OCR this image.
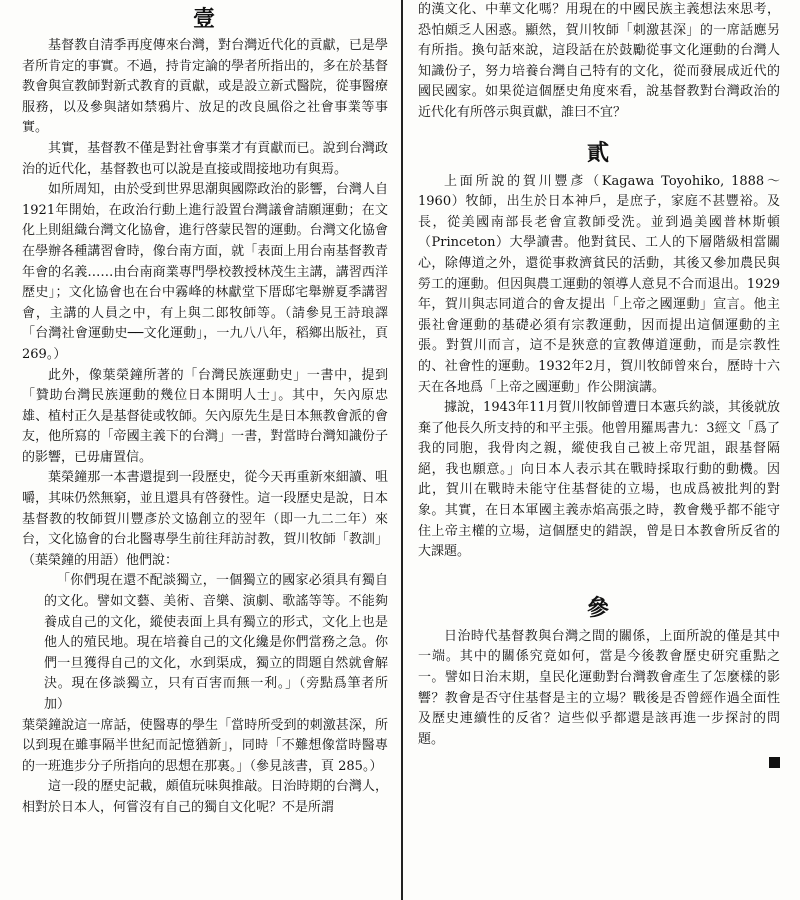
壹

基督教自清季再度傳來台灣，對台灣近代化的貢獻，已是學者所肯定的事實。不過，持肯定論的學者所指出的，多在於基督教會與宣教師對新式教育的貢獻，或是設立新式醫院，從事醫療服務，以及參與諸如禁鴉片、放足的改良風俗之社會事業等事實。

其實，基督教不僅是對社會事業才有貢獻而已。說到台灣政治的近代化，基督教也可以說是直接或間接地功有與焉。

如所周知，由於受到世界思潮與國際政治的影響，台灣人自1921年開始，在政治行動上進行設置台灣議會請願運動；在文化上則組織台灣文化協會，進行啓蒙民智的運動。台灣文化協會在學辦各種講習會時，像台南方面，就「表面上用台南基督教青年會的名義……由台南商業專門學校教授林茂生主講，講習西洋歷史」；文化協會也在台中霧峰的林獻堂下厝邸宅舉辦夏季講習會，主講的人員之中，有上與二郎牧師等。（請參見王詩琅譯「台灣社會運動史──文化運動」，一九八八年，稻鄉出版社，頁 269。）

此外，像葉榮鐘所著的「台灣民族運動史」一書中，提到「贊助台灣民族運動的幾位日本開明人士」。其中，矢內原忠雄、植村正久是基督徒或牧師。矢內原先生是日本無教會派的會友，他所寫的「帝國主義下的台灣」一書，對當時台灣知識份子的影響，已毋庸置信。

葉榮鐘那一本書還提到一段歷史，從今天再重新來細讀、咀嚼，其味仍然無窮，並且還具有啓發性。這一段歷史是說，日本基督教的牧師賀川豐彥於文協創立的翌年（即一九二二年）來台，文化協會的台北醫專學生前往拜訪討教，賀川牧師「教訓」（葉榮鐘的用語）他們說：

「你們現在還不配談獨立，一個獨立的國家必須具有獨自的文化。譬如文藝、美術、音樂、演劇、歌謠等等。不能夠養成自己的文化，縱使表面上具有獨立的形式，文化上也是他人的殖民地。現在培養自己的文化纔是你們當務之急。你們一旦獲得自己的文化，水到渠成，獨立的問題自然就會解決。現在侈談獨立，只有百害而無一利。」（旁點爲筆者所加）

葉榮鐘說這一席話，使醫專的學生「當時所受到的刺激甚深，所以到現在雖事隔半世紀而記憶猶新」，同時「不難想像當時醫專的一班進步分子所指向的思想在那裏。」（參見該書，頁 285。）

這一段的歷史記載，頗值玩味與推敲。日治時期的台灣人，相對於日本人，何嘗沒有自己的獨自文化呢？不是所謂

的漢文化、中華文化嗎？用現在的中國民族主義想法來思考，恐怕頗乏人困惑。顯然，賀川牧師「刺激甚深」的一席話應另有所指。換句話來說，這段話在於鼓勵從事文化運動的台灣人知識份子，努力培養台灣自己特有的文化，從而發展成近代的國民國家。如果從這個歷史角度來看，說基督教對台灣政治的近代化有所啓示與貢獻，誰曰不宜？

貳

上面所說的賀川豐彥（Kagawa Toyohiko, 1888～1960）牧師，出生於日本神戶，是庶子，家庭不甚豐裕。及長，從美國南部長老會宣教師受洗。並到過美國普林斯頓（Princeton）大學讀書。他對貧民、工人的下層階級相當關心，除傳道之外，還從事救濟貧民的活動，其後又參加農民與勞工的運動。但因與農工運動的領導人意見不合而退出。1929年，賀川與志同道合的會友提出「上帝之國運動」宣言。他主張社會運動的基礎必須有宗教運動，因而提出這個運動的主張。對賀川而言，這不是狹意的宣教傳道運動，而是宗教性的、社會性的運動。1932年2月，賀川牧師曾來台，歷時十六天在各地爲「上帝之國運動」作公開演講。

據說，1943年11月賀川牧師曾遭日本憲兵約談，其後就放棄了他長久所支持的和平主張。他曾用羅馬書九：3經文「爲了我的同胞，我骨肉之親，縱使我自己被上帝咒詛，跟基督隔絕，我也願意。」向日本人表示其在戰時採取行動的動機。因此，賀川在戰時未能守住基督徒的立場，也成爲被批判的對象。其實，在日本軍國主義赤焰高張之時，教會幾乎都不能守住上帝主權的立場，這個歷史的錯誤，曾是日本教會所反省的大課題。

參

日治時代基督教與台灣之間的關係，上面所說的僅是其中一端。其中的關係究竟如何，當是今後教會歷史研究重點之一。譬如日治末期，皇民化運動對台灣教會產生了怎麼樣的影響？教會是否守住基督是主的立場？戰後是否曾經作過全面性及歷史連續性的反省？這些似乎都還是該再進一步探討的問題。
